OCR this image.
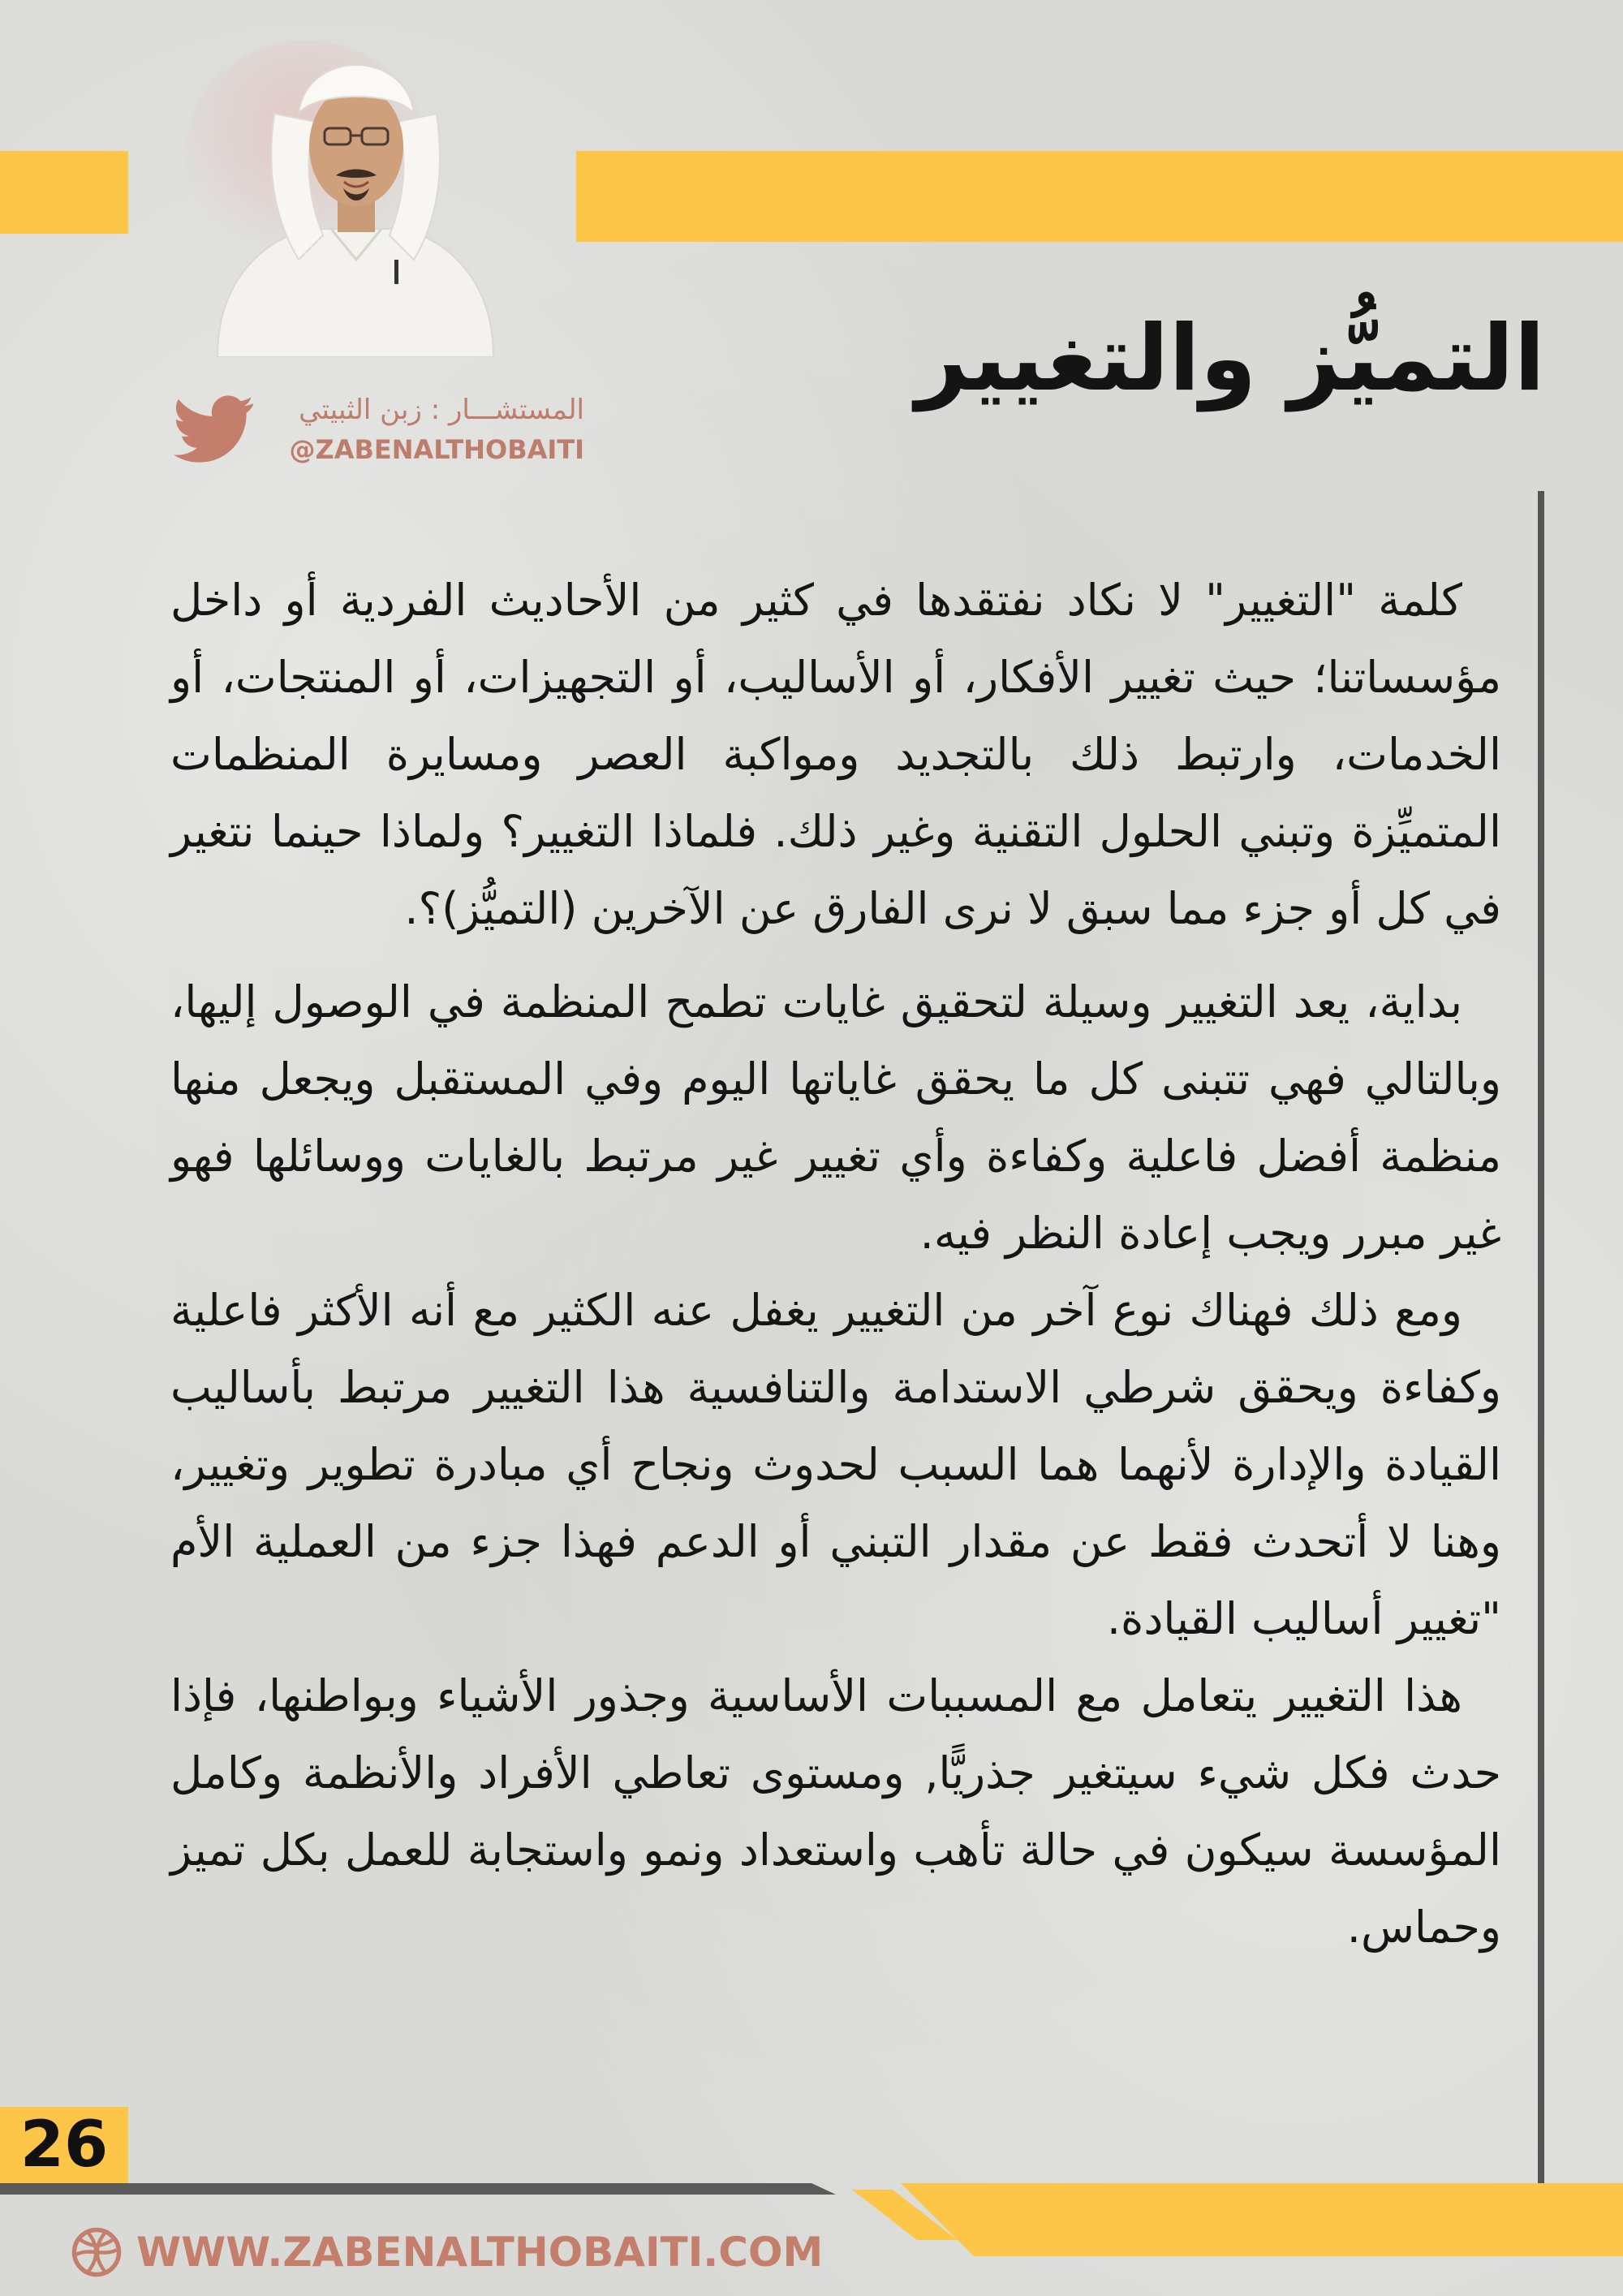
التميُّز والتغيير
المستشـــار : زبن الثبيتي
@ZABENALTHOBAITI

كلمة "التغيير" لا نكاد نفتقدها في كثير من الأحاديث الفردية أو داخل مؤسساتنا؛ حيث تغيير الأفكار، أو الأساليب، أو التجهيزات، أو المنتجات، أو الخدمات، وارتبط ذلك بالتجديد ومواكبة العصر ومسايرة المنظمات المتميِّزة وتبني الحلول التقنية وغير ذلك. فلماذا التغيير؟ ولماذا حينما نتغير في كل أو جزء مما سبق لا نرى الفارق عن الآخرين (التميُّز)؟.

بداية، يعد التغيير وسيلة لتحقيق غايات تطمح المنظمة في الوصول إليها، وبالتالي فهي تتبنى كل ما يحقق غاياتها اليوم وفي المستقبل ويجعل منها منظمة أفضل فاعلية وكفاءة وأي تغيير غير مرتبط بالغايات ووسائلها فهو غير مبرر ويجب إعادة النظر فيه.

ومع ذلك فهناك نوع آخر من التغيير يغفل عنه الكثير مع أنه الأكثر فاعلية وكفاءة ويحقق شرطي الاستدامة والتنافسية هذا التغيير مرتبط بأساليب القيادة والإدارة لأنهما هما السبب لحدوث ونجاح أي مبادرة تطوير وتغيير، وهنا لا أتحدث فقط عن مقدار التبني أو الدعم فهذا جزء من العملية الأم "تغيير أساليب القيادة.

هذا التغيير يتعامل مع المسببات الأساسية وجذور الأشياء وبواطنها، فإذا حدث فكل شيء سيتغير جذريًّا, ومستوى تعاطي الأفراد والأنظمة وكامل المؤسسة سيكون في حالة تأهب واستعداد ونمو واستجابة للعمل بكل تميز وحماس.

26
WWW.ZABENALTHOBAITI.COM
